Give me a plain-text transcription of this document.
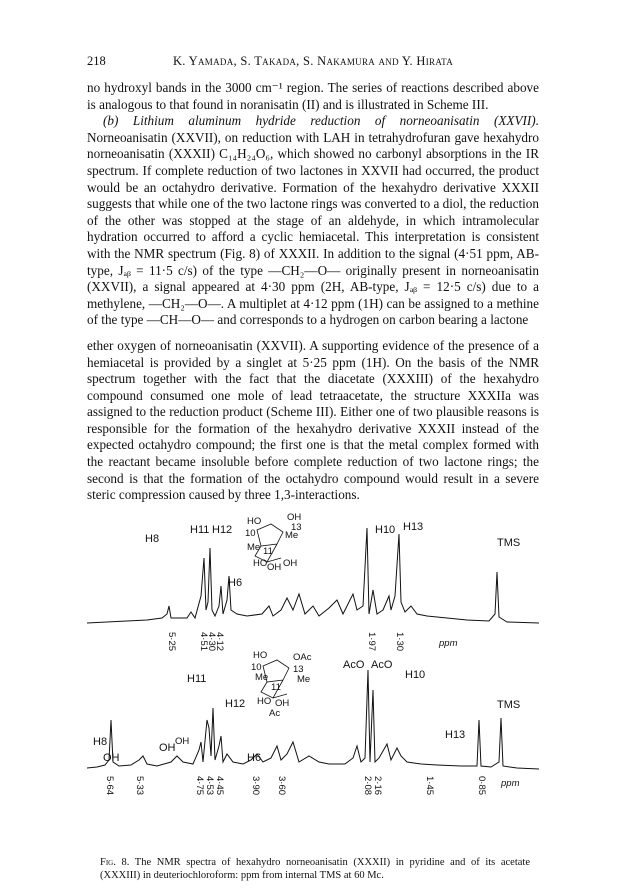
218	K. Yamada, S. Takada, S. Nakamura and Y. Hirata

no hydroxyl bands in the 3000 cm⁻¹ region. The series of reactions described above is analogous to that found in noranisatin (II) and is illustrated in Scheme III.

(b) Lithium aluminum hydride reduction of norneoanisatin (XXVII). Norneoanisatin (XXVII), on reduction with LAH in tetrahydrofuran gave hexahydro norneoanisatin (XXXII) C₁₄H₂₄O₆, which showed no carbonyl absorptions in the IR spectrum. If complete reduction of two lactones in XXVII had occurred, the product would be an octahydro derivative. Formation of the hexahydro derivative XXXII suggests that while one of the two lactone rings was converted to a diol, the reduction of the other was stopped at the stage of an aldehyde, in which intramolecular hydration occurred to afford a cyclic hemiacetal. This interpretation is consistent with the NMR spectrum (Fig. 8) of XXXII. In addition to the signal (4·51 ppm, AB-type, Jₐᵦ = 11·5 c/s) of the type —CH₂—O— originally present in norneoanisatin (XXVII), a signal appeared at 4·30 ppm (2H, AB-type, Jₐᵦ = 12·5 c/s) due to a methylene, —CH₂—O—. A multiplet at 4·12 ppm (1H) can be assigned to a methine of the type —CH—O— and corresponds to a hydrogen on carbon bearing a lactone

ether oxygen of norneoanisatin (XXVII). A supporting evidence of the presence of a hemiacetal is provided by a singlet at 5·25 ppm (1H). On the basis of the NMR spectrum together with the fact that the diacetate (XXXIII) of the hexahydro compound consumed one mole of lead tetraacetate, the structure XXXIIa was assigned to the reduction product (Scheme III). Either one of two plausible reasons is responsible for the formation of the hexahydro derivative XXXII instead of the expected octahydro compound; the first one is that the metal complex formed with the reactant became insoluble before complete reduction of two lactone rings; the second is that the formation of the octahydro compound would result in a severe steric compression caused by three 1,3-interactions.

H8
H11 H12
H6
H10 H13
TMS
HO	OH
13
Me
10
Me 11
HO OH OH
5·25 4·51
4·30
4·12	1·97 1·30	ppm
H8
OH
OH
OH
H11
H12
H6
AcO AcO
H10
H13
TMS
HO	OAc
10
Me
13
Me
11
HO OH
Ac
5·64 5·33	4·75 4·53 4·45	3·90 3·60	2·08 2·16	1·45	0·85 ppm
Fig. 8. The NMR spectra of hexahydro norneoanisatin (XXXII) in pyridine and of its acetate (XXXIII) in deuteriochloroform: ppm from internal TMS at 60 Mc.
